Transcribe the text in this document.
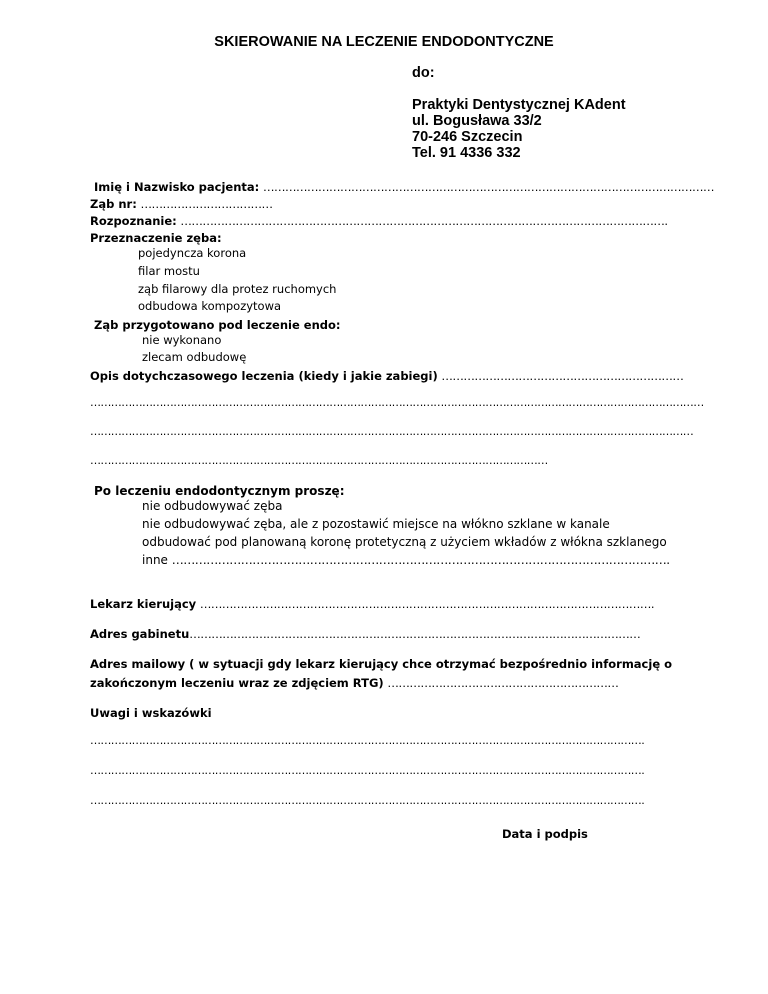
SKIEROWANIE NA LECZENIE ENDODONTYCZNE
do:
Praktyki Dentystycznej KAdent
ul. Bogusława 33/2
70-246 Szczecin
Tel. 91 4336 332
Imię i Nazwisko pacjenta: ……………………………………………………………………………………………………………
Ząb nr: ………………………………
Rozpoznanie: …………………………………………………………………………………………………………………….
Przeznaczenie zęba:
pojedyncza korona
filar mostu
ząb filarowy dla protez ruchomych
odbudowa kompozytowa
Ząb przygotowano pod leczenie endo:
nie wykonano
zlecam odbudowę
Opis dotychczasowego leczenia (kiedy i jakie zabiegi) …………………………………………………………
……………………………………………………………………………………………………………………………………………………………
…………………………………………………………………………………………………………………………………………………………
……………………………………………………………………………………………………………………
Po leczeniu endodontycznym proszę:
nie odbudowywać zęba
nie odbudowywać zęba, ale z pozostawić miejsce na włókno szklane w kanale
odbudować pod planowaną koronę protetyczną z użyciem wkładów z włókna szklanego
inne ………………………………………………………………………………………………………………….
Lekarz kierujący …………………………………………………………………………………………………………….
Adres gabinetu……………………………………………………………………………………………………………
Adres mailowy ( w sytuacji gdy lekarz kierujący chce otrzymać bezpośrednio informację o
zakończonym leczeniu wraz ze zdjęciem RTG) ………………………………………………………
Uwagi i wskazówki
…………………………………………………………………………………………………………………………………………….
…………………………………………………………………………………………………………………………………………….
…………………………………………………………………………………………………………………………………………….
Data i podpis
